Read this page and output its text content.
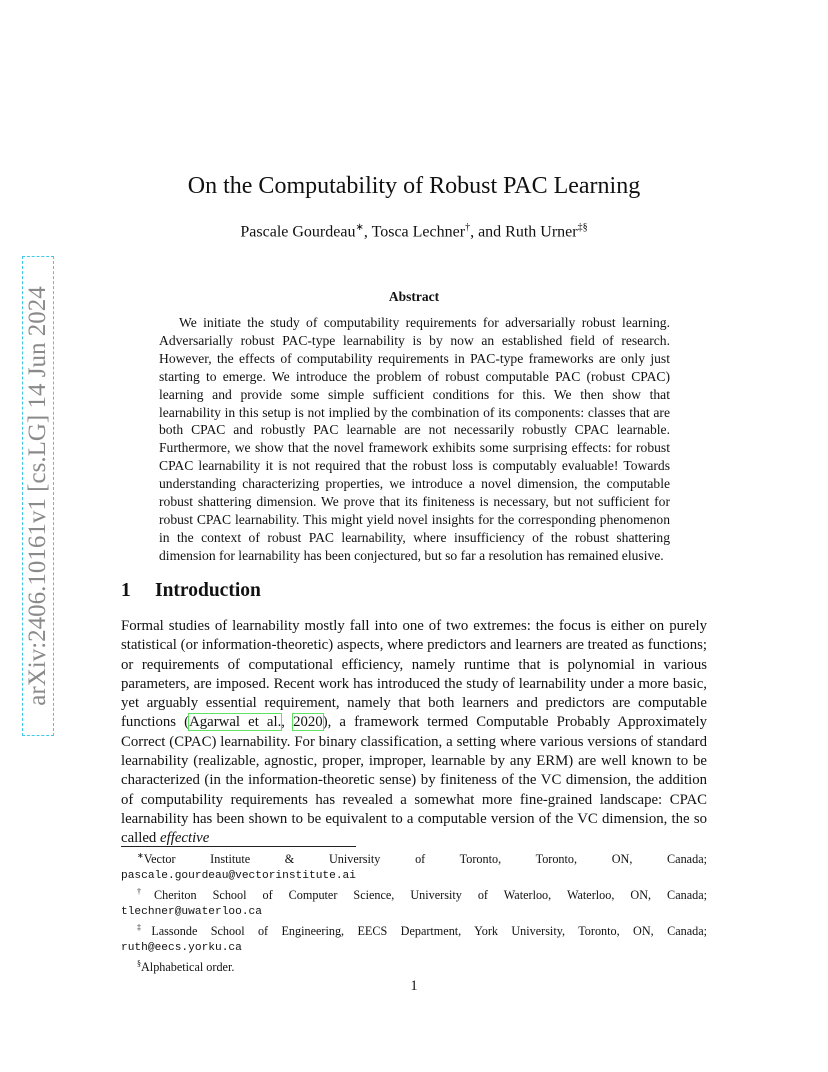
arXiv:2406.10161v1 [cs.LG] 14 Jun 2024
On the Computability of Robust PAC Learning
Pascale Gourdeau∗, Tosca Lechner†, and Ruth Urner‡§
Abstract
We initiate the study of computability requirements for adversarially robust learning. Adversarially robust PAC-type learnability is by now an established field of research. However, the effects of computability requirements in PAC-type frameworks are only just starting to emerge. We introduce the problem of robust computable PAC (robust CPAC) learning and provide some simple sufficient conditions for this. We then show that learnability in this setup is not implied by the combination of its components: classes that are both CPAC and robustly PAC learnable are not necessarily robustly CPAC learnable. Furthermore, we show that the novel framework exhibits some surprising effects: for robust CPAC learnability it is not required that the robust loss is computably evaluable! Towards understanding characterizing properties, we introduce a novel dimension, the computable robust shattering dimension. We prove that its finiteness is necessary, but not sufficient for robust CPAC learnability. This might yield novel insights for the corresponding phenomenon in the context of robust PAC learnability, where insufficiency of the robust shattering dimension for learnability has been conjectured, but so far a resolution has remained elusive.
1 Introduction
Formal studies of learnability mostly fall into one of two extremes: the focus is either on purely statistical (or information-theoretic) aspects, where predictors and learners are treated as functions; or requirements of computational efficiency, namely runtime that is polynomial in various parameters, are imposed. Recent work has introduced the study of learnability under a more basic, yet arguably essential requirement, namely that both learners and predictors are computable functions (Agarwal et al., 2020), a framework termed Computable Probably Approximately Correct (CPAC) learnability. For binary classification, a setting where various versions of standard learnability (realizable, agnostic, proper, improper, learnable by any ERM) are well known to be characterized (in the information-theoretic sense) by finiteness of the VC dimension, the addition of computability requirements has revealed a somewhat more fine-grained landscape: CPAC learnability has been shown to be equivalent to a computable version of the VC dimension, the so called effective
∗Vector Institute & University of Toronto, Toronto, ON, Canada;
pascale.gourdeau@vectorinstitute.ai
†Cheriton School of Computer Science, University of Waterloo, Waterloo, ON, Canada;
tlechner@uwaterloo.ca
‡Lassonde School of Engineering, EECS Department, York University, Toronto, ON, Canada;
ruth@eecs.yorku.ca
§Alphabetical order.
1
